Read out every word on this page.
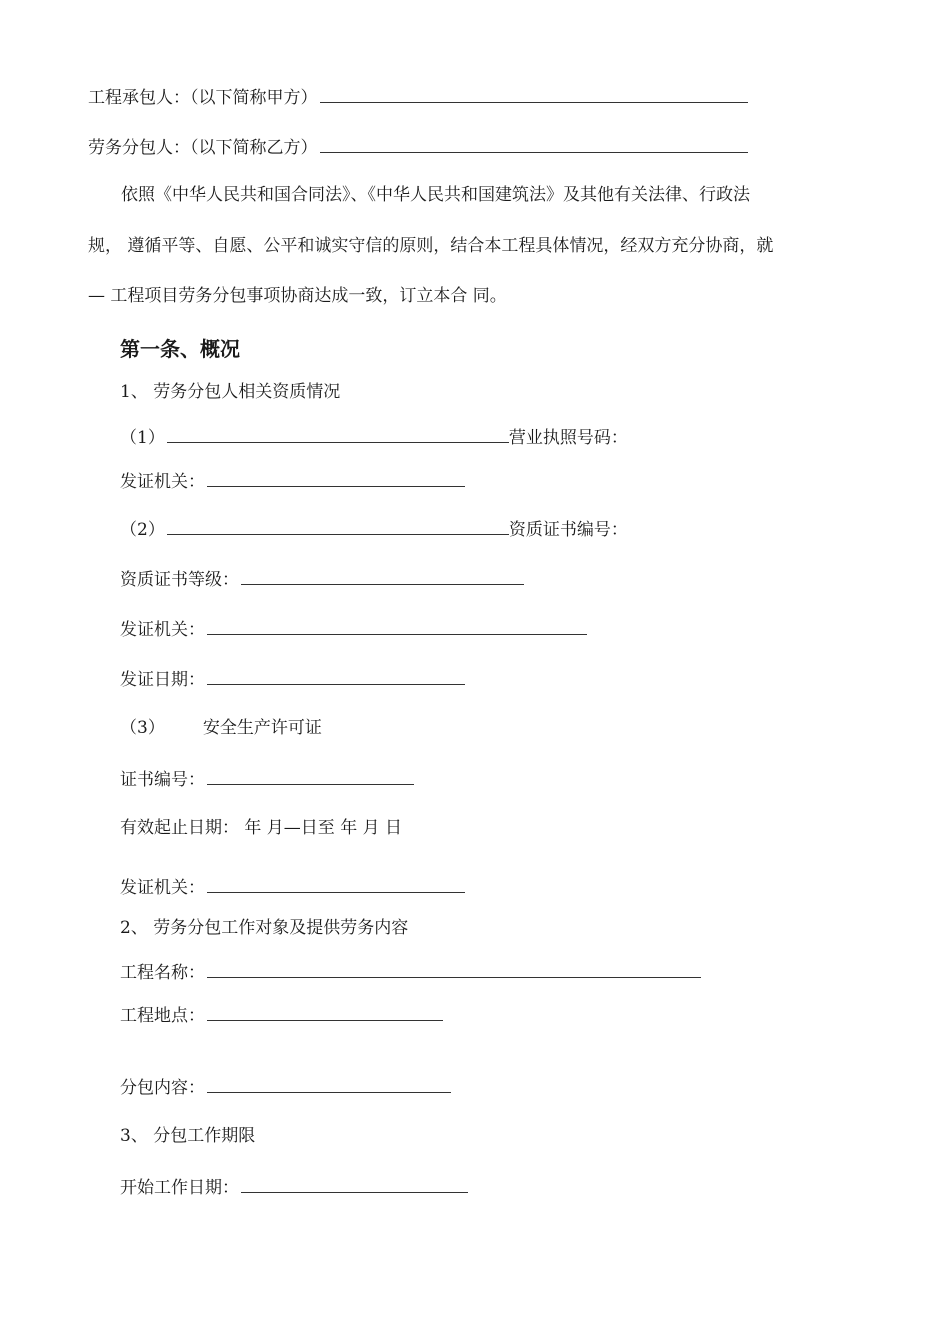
工程承包人：（以下简称甲方）
劳务分包人：（以下简称乙方）
依照《中华人民共和国合同法》、《中华人民共和国建筑法》及其他有关法律、行政法
规， 遵循平等、自愿、公平和诚实守信的原则，结合本工程具体情况，经双方充分协商，就
— 工程项目劳务分包事项协商达成一致，订立本合 同。
第一条、概况
1、 劳务分包人相关资质情况
（1）	营业执照号码：
发证机关：
（2）	资质证书编号：
资质证书等级：
发证机关：
发证日期：
（3） 安全生产许可证
证书编号：
有效起止日期： 年 月—日至 年 月 日
发证机关：
2、 劳务分包工作对象及提供劳务内容
工程名称：
工程地点：
分包内容：
3、 分包工作期限
开始工作日期：
